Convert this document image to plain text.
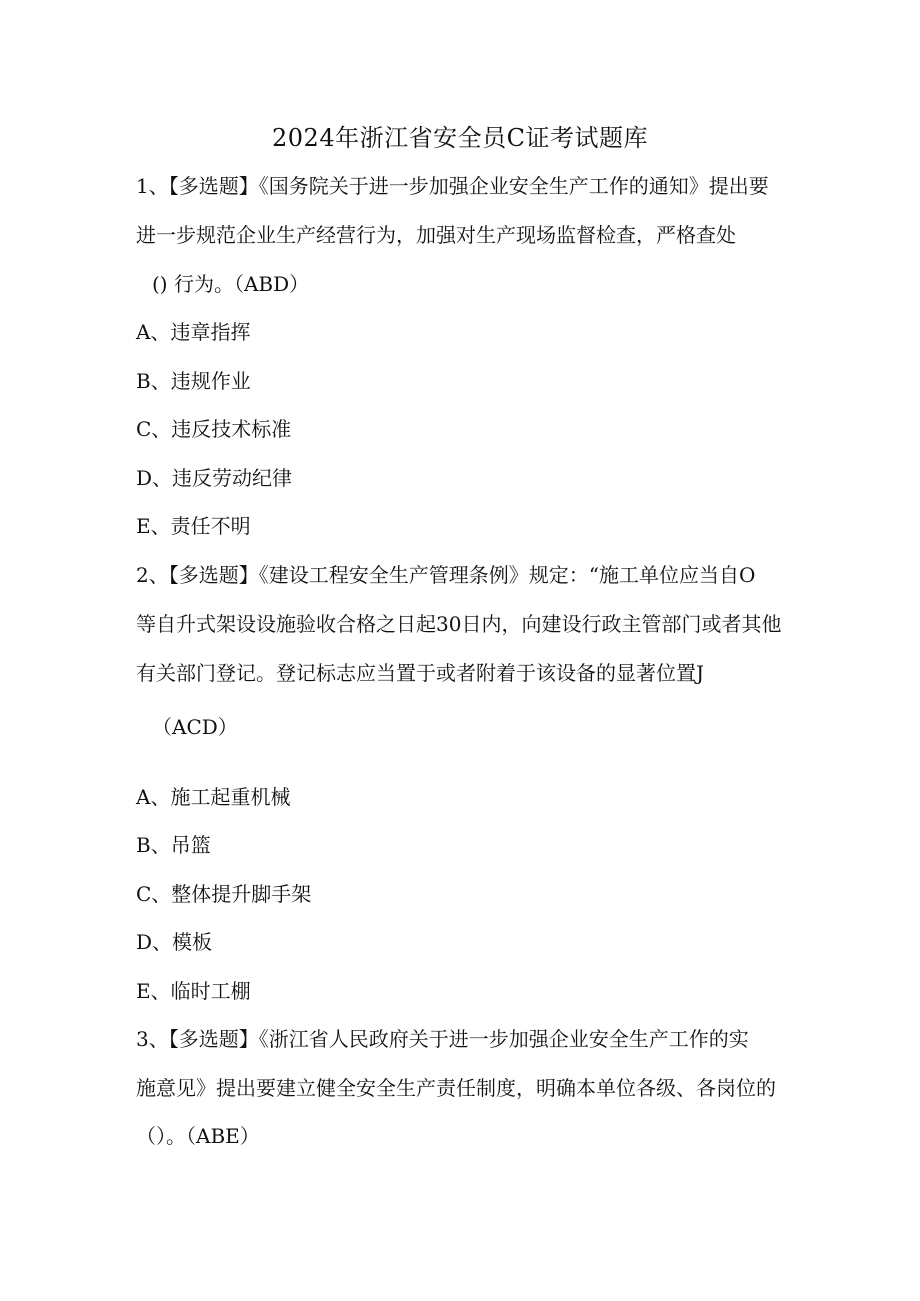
2024年浙江省安全员C证考试题库
1、【多选题】《国务院关于进一步加强企业安全生产工作的通知》提出要
进一步规范企业生产经营行为，加强对生产现场监督检查，严格查处
() 行为。（ABD）
A、违章指挥
B、违规作业
C、违反技术标准
D、违反劳动纪律
E、责任不明
2、【多选题】《建设工程安全生产管理条例》规定：“施工单位应当自O
等自升式架设设施验收合格之日起30日内，向建设行政主管部门或者其他
有关部门登记。登记标志应当置于或者附着于该设备的显著位置J
（ACD）
A、施工起重机械
B、吊篮
C、整体提升脚手架
D、模板
E、临时工棚
3、【多选题】《浙江省人民政府关于进一步加强企业安全生产工作的实
施意见》提出要建立健全安全生产责任制度，明确本单位各级、各岗位的
（）。（ABE）
